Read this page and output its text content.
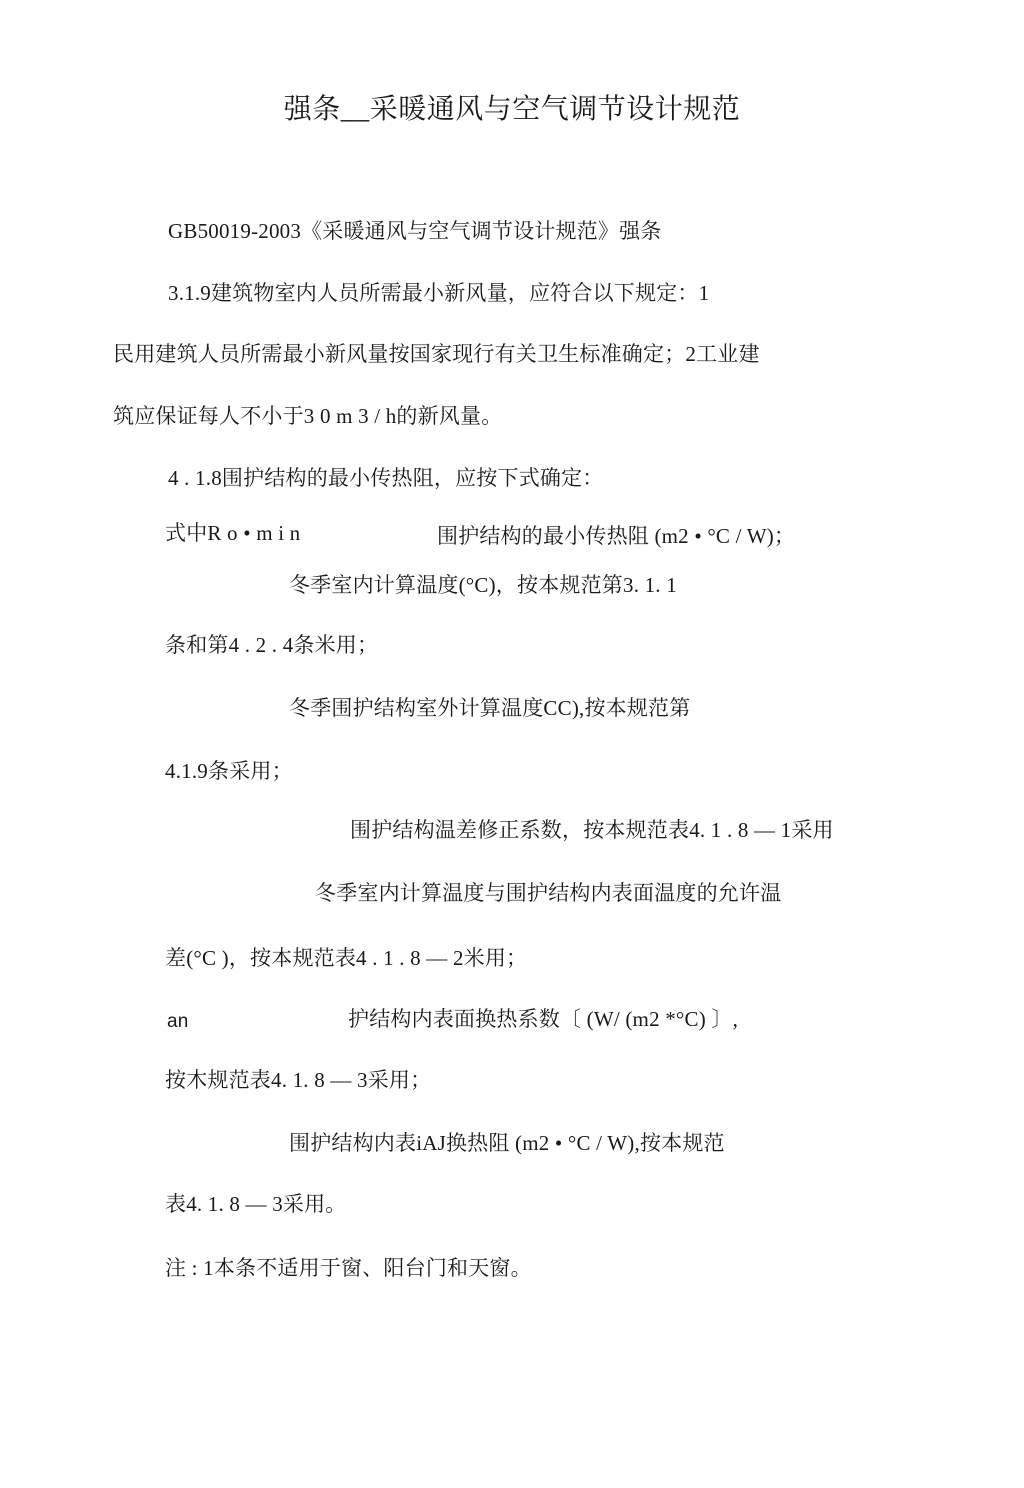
强条__采暖通风与空气调节设计规范
GB50019-2003《采暖通风与空气调节设计规范》强条
3.1.9建筑物室内人员所需最小新风量，应符合以下规定：1
民用建筑人员所需最小新风量按国家现行有关卫生标准确定；2工业建
筑应保证每人不小于3 0 m 3 / h的新风量。
4 . 1.8围护结构的最小传热阻，应按下式确定：
式中R o • m i n	围护结构的最小传热阻 (m2 • °C / W)；
冬季室内计算温度(°C)，按本规范第3. 1. 1
条和第4 . 2 . 4条米用；
冬季围护结构室外计算温度CC),按本规范第
4.1.9条采用；
围护结构温差修正系数，按本规范表4. 1 . 8 — 1采用
冬季室内计算温度与围护结构内表面温度的允许温
差(°C )，按本规范表4 . 1 . 8 — 2米用；
an	护结构内表面换热系数〔 (W/ (m2 *°C) 〕,
按木规范表4. 1. 8 — 3采用；
围护结构内表iAJ换热阻 (m2 • °C / W),按本规范
表4. 1. 8 — 3采用。
注 : 1本条不适用于窗、阳台门和天窗。
